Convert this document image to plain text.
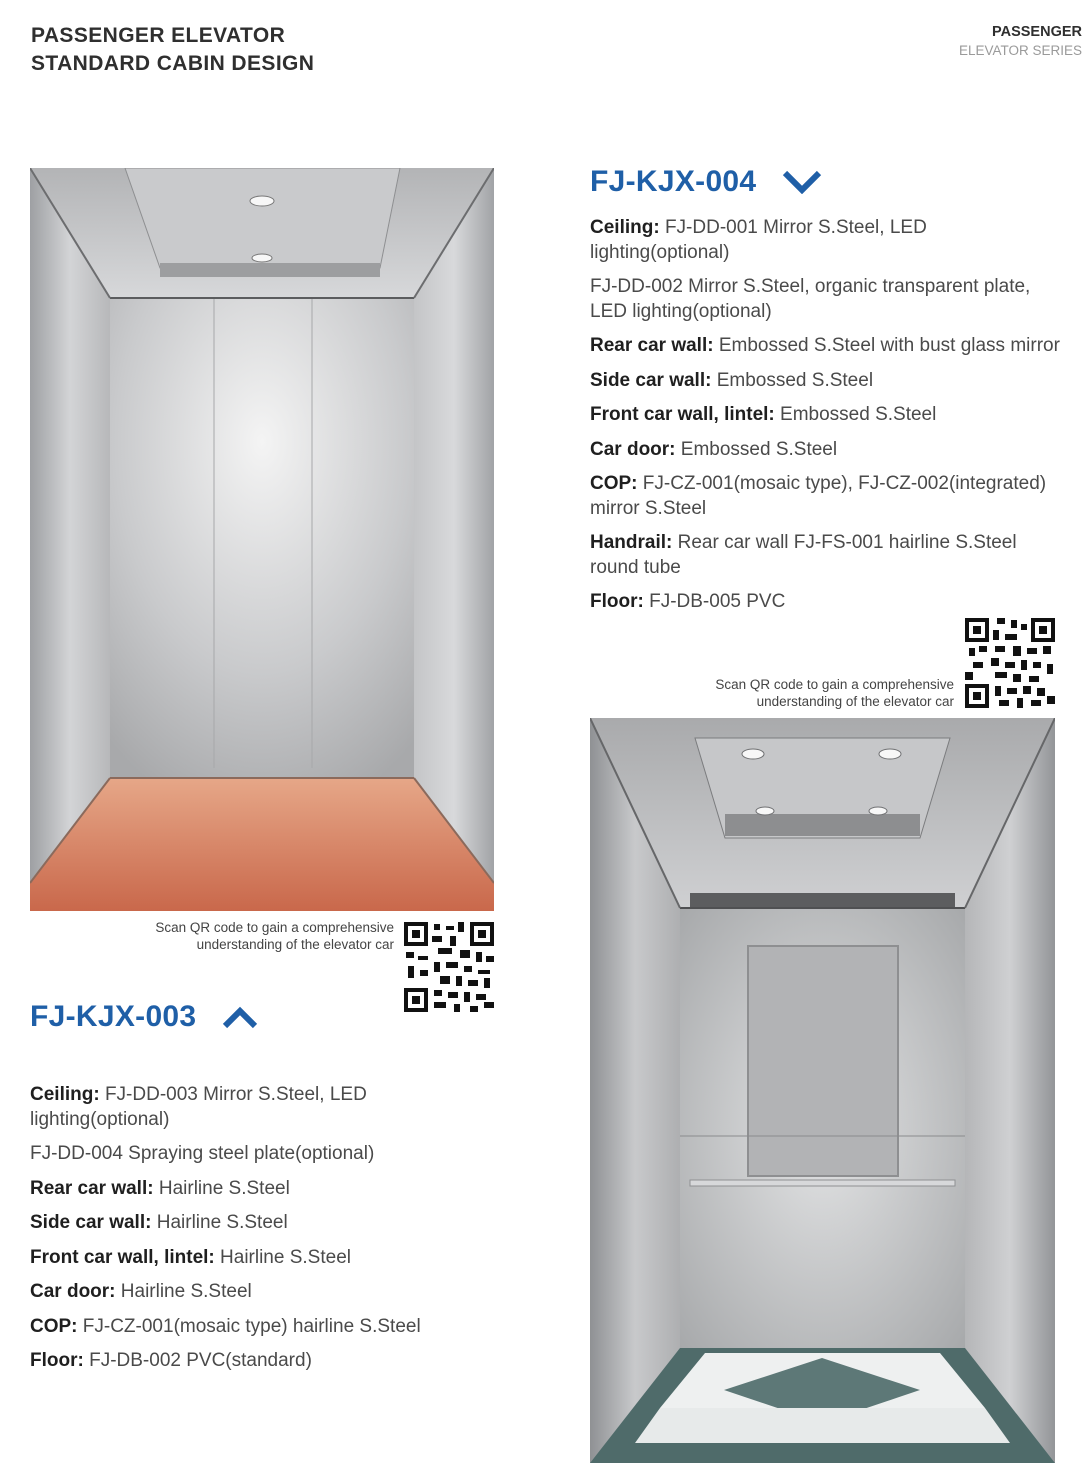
PASSENGER ELEVATOR
STANDARD CABIN DESIGN
PASSENGER
ELEVATOR SERIES
Scan QR code to gain a comprehensive
understanding of the elevator car
FJ-KJX-003

Ceiling: FJ-DD-003 Mirror S.Steel, LED lighting(optional)

FJ-DD-004 Spraying steel plate(optional)

Rear car wall: Hairline S.Steel

Side car wall: Hairline S.Steel

Front car wall, lintel: Hairline S.Steel

Car door: Hairline S.Steel

COP: FJ-CZ-001(mosaic type) hairline S.Steel

Floor: FJ-DB-002 PVC(standard)

FJ-KJX-004

Ceiling: FJ-DD-001 Mirror S.Steel, LED lighting(optional)

FJ-DD-002 Mirror S.Steel, organic transparent plate, LED lighting(optional)

Rear car wall: Embossed S.Steel with bust glass mirror

Side car wall: Embossed S.Steel

Front car wall, lintel: Embossed S.Steel

Car door: Embossed S.Steel

COP: FJ-CZ-001(mosaic type), FJ-CZ-002(integrated) mirror S.Steel

Handrail: Rear car wall FJ-FS-001 hairline S.Steel round tube

Floor: FJ-DB-005 PVC

Scan QR code to gain a comprehensive
understanding of the elevator car
